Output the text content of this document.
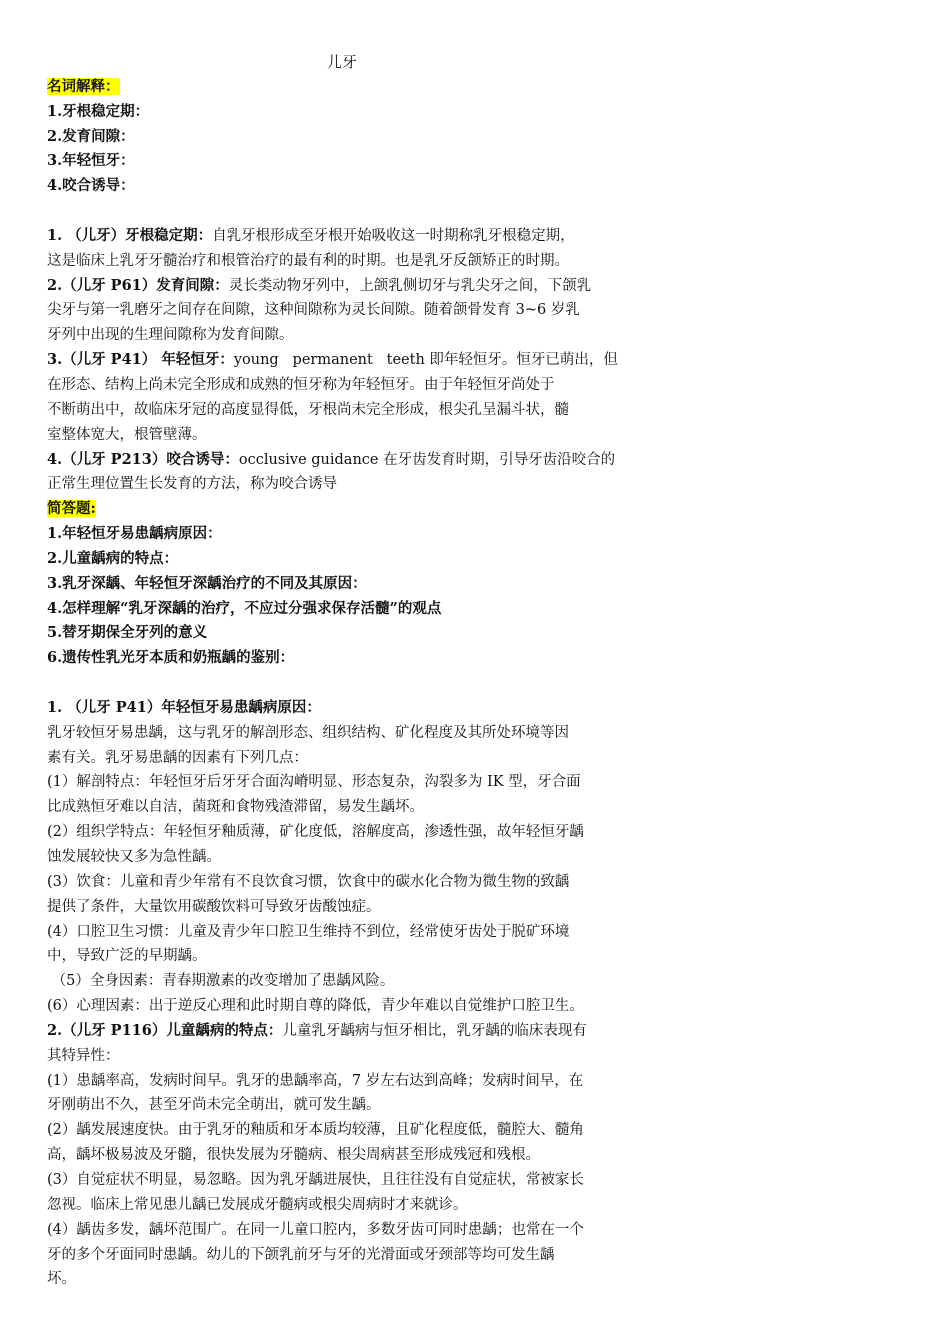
儿牙
名词解释：
1.牙根稳定期：
2.发育间隙：
3.年轻恒牙：
4.咬合诱导：
1. （儿牙）牙根稳定期：自乳牙根形成至牙根开始吸收这一时期称乳牙根稳定期，
这是临床上乳牙牙髓治疗和根管治疗的最有利的时期。也是乳牙反颌矫正的时期。
2.（儿牙 P61）发育间隙：灵长类动物牙列中，上颌乳侧切牙与乳尖牙之间，下颌乳
尖牙与第一乳磨牙之间存在间隙，这种间隙称为灵长间隙。随着颌骨发育 3~6 岁乳
牙列中出现的生理间隙称为发育间隙。
3.（儿牙 P41） 年轻恒牙：young   permanent   teeth 即年轻恒牙。恒牙已萌出，但
在形态、结构上尚未完全形成和成熟的恒牙称为年轻恒牙。由于年轻恒牙尚处于
不断萌出中，故临床牙冠的高度显得低，牙根尚未完全形成，根尖孔呈漏斗状，髓
室整体宽大，根管壁薄。
4.（儿牙 P213）咬合诱导：occlusive guidance 在牙齿发育时期，引导牙齿沿咬合的
正常生理位置生长发育的方法，称为咬合诱导
简答题:
1.年轻恒牙易患龋病原因：
2.儿童龋病的特点：
3.乳牙深龋、年轻恒牙深龋治疗的不同及其原因：
4.怎样理解“乳牙深龋的治疗，不应过分强求保存活髓”的观点
5.替牙期保全牙列的意义
6.遗传性乳光牙本质和奶瓶龋的鉴别：
1. （儿牙 P41）年轻恒牙易患龋病原因：
乳牙较恒牙易患龋，这与乳牙的解剖形态、组织结构、矿化程度及其所处环境等因
素有关。乳牙易患龋的因素有下列几点：
(1）解剖特点：年轻恒牙后牙牙合面沟嵴明显、形态复杂，沟裂多为 IK 型，牙合面
比成熟恒牙难以自洁，菌斑和食物残渣滞留，易发生龋坏。
(2）组织学特点：年轻恒牙釉质薄，矿化度低，溶解度高，渗透性强，故年轻恒牙龋
蚀发展较快又多为急性龋。
(3）饮食：儿童和青少年常有不良饮食习惯，饮食中的碳水化合物为微生物的致龋
提供了条件，大量饮用碳酸饮料可导致牙齿酸蚀症。
(4）口腔卫生习惯：儿童及青少年口腔卫生维持不到位，经常使牙齿处于脱矿环境
中，导致广泛的早期龋。
（5）全身因素：青春期激素的改变增加了患龋风险。
(6）心理因素：出于逆反心理和此时期自尊的降低，青少年难以自觉维护口腔卫生。
2.（儿牙 P116）儿童龋病的特点：儿童乳牙龋病与恒牙相比，乳牙龋的临床表现有
其特异性：
(1）患龋率高，发病时间早。乳牙的患龋率高，7 岁左右达到高峰；发病时间早，在
牙刚萌出不久，甚至牙尚未完全萌出，就可发生龋。
(2）龋发展速度快。由于乳牙的釉质和牙本质均较薄，且矿化程度低，髓腔大、髓角
高，龋坏极易波及牙髓，很快发展为牙髓病、根尖周病甚至形成残冠和残根。
(3）自觉症状不明显，易忽略。因为乳牙龋进展快，且往往没有自觉症状，常被家长
忽视。临床上常见患儿龋已发展成牙髓病或根尖周病时才来就诊。
(4）龋齿多发，龋坏范围广。在同一儿童口腔内，多数牙齿可同时患龋；也常在一个
牙的多个牙面同时患龋。幼儿的下颌乳前牙与牙的光滑面或牙颈部等均可发生龋
坏。
